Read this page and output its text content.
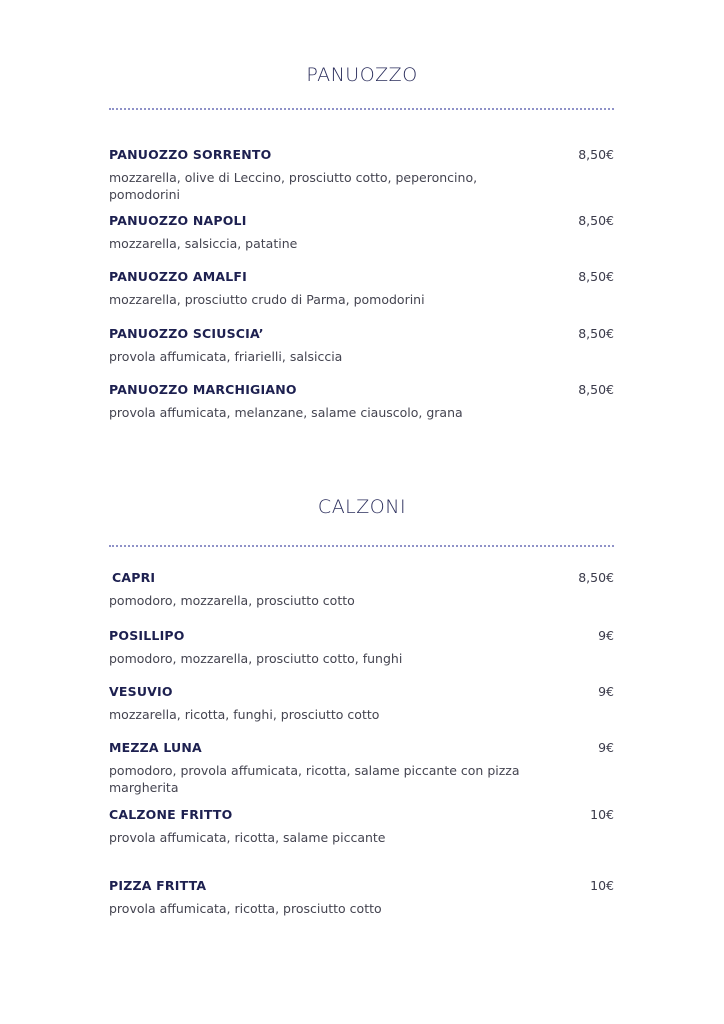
PANUOZZO
PANUOZZO SORRENTO	8,50€
mozzarella, olive di Leccino, prosciutto cotto, peperoncino, pomodorini
PANUOZZO NAPOLI	8,50€
mozzarella, salsiccia, patatine
PANUOZZO AMALFI	8,50€
mozzarella, prosciutto crudo di Parma, pomodorini
PANUOZZO SCIUSCIA’	8,50€
provola affumicata, friarielli, salsiccia
PANUOZZO MARCHIGIANO	8,50€
provola affumicata, melanzane, salame ciauscolo, grana
CALZONI
CAPRI	8,50€
pomodoro, mozzarella, prosciutto cotto
POSILLIPO	9€
pomodoro, mozzarella, prosciutto cotto, funghi
VESUVIO	9€
mozzarella, ricotta, funghi, prosciutto cotto
MEZZA LUNA	9€
pomodoro, provola affumicata, ricotta, salame piccante con pizza margherita
CALZONE FRITTO	10€
provola affumicata, ricotta, salame piccante
PIZZA FRITTA	10€
provola affumicata, ricotta, prosciutto cotto
